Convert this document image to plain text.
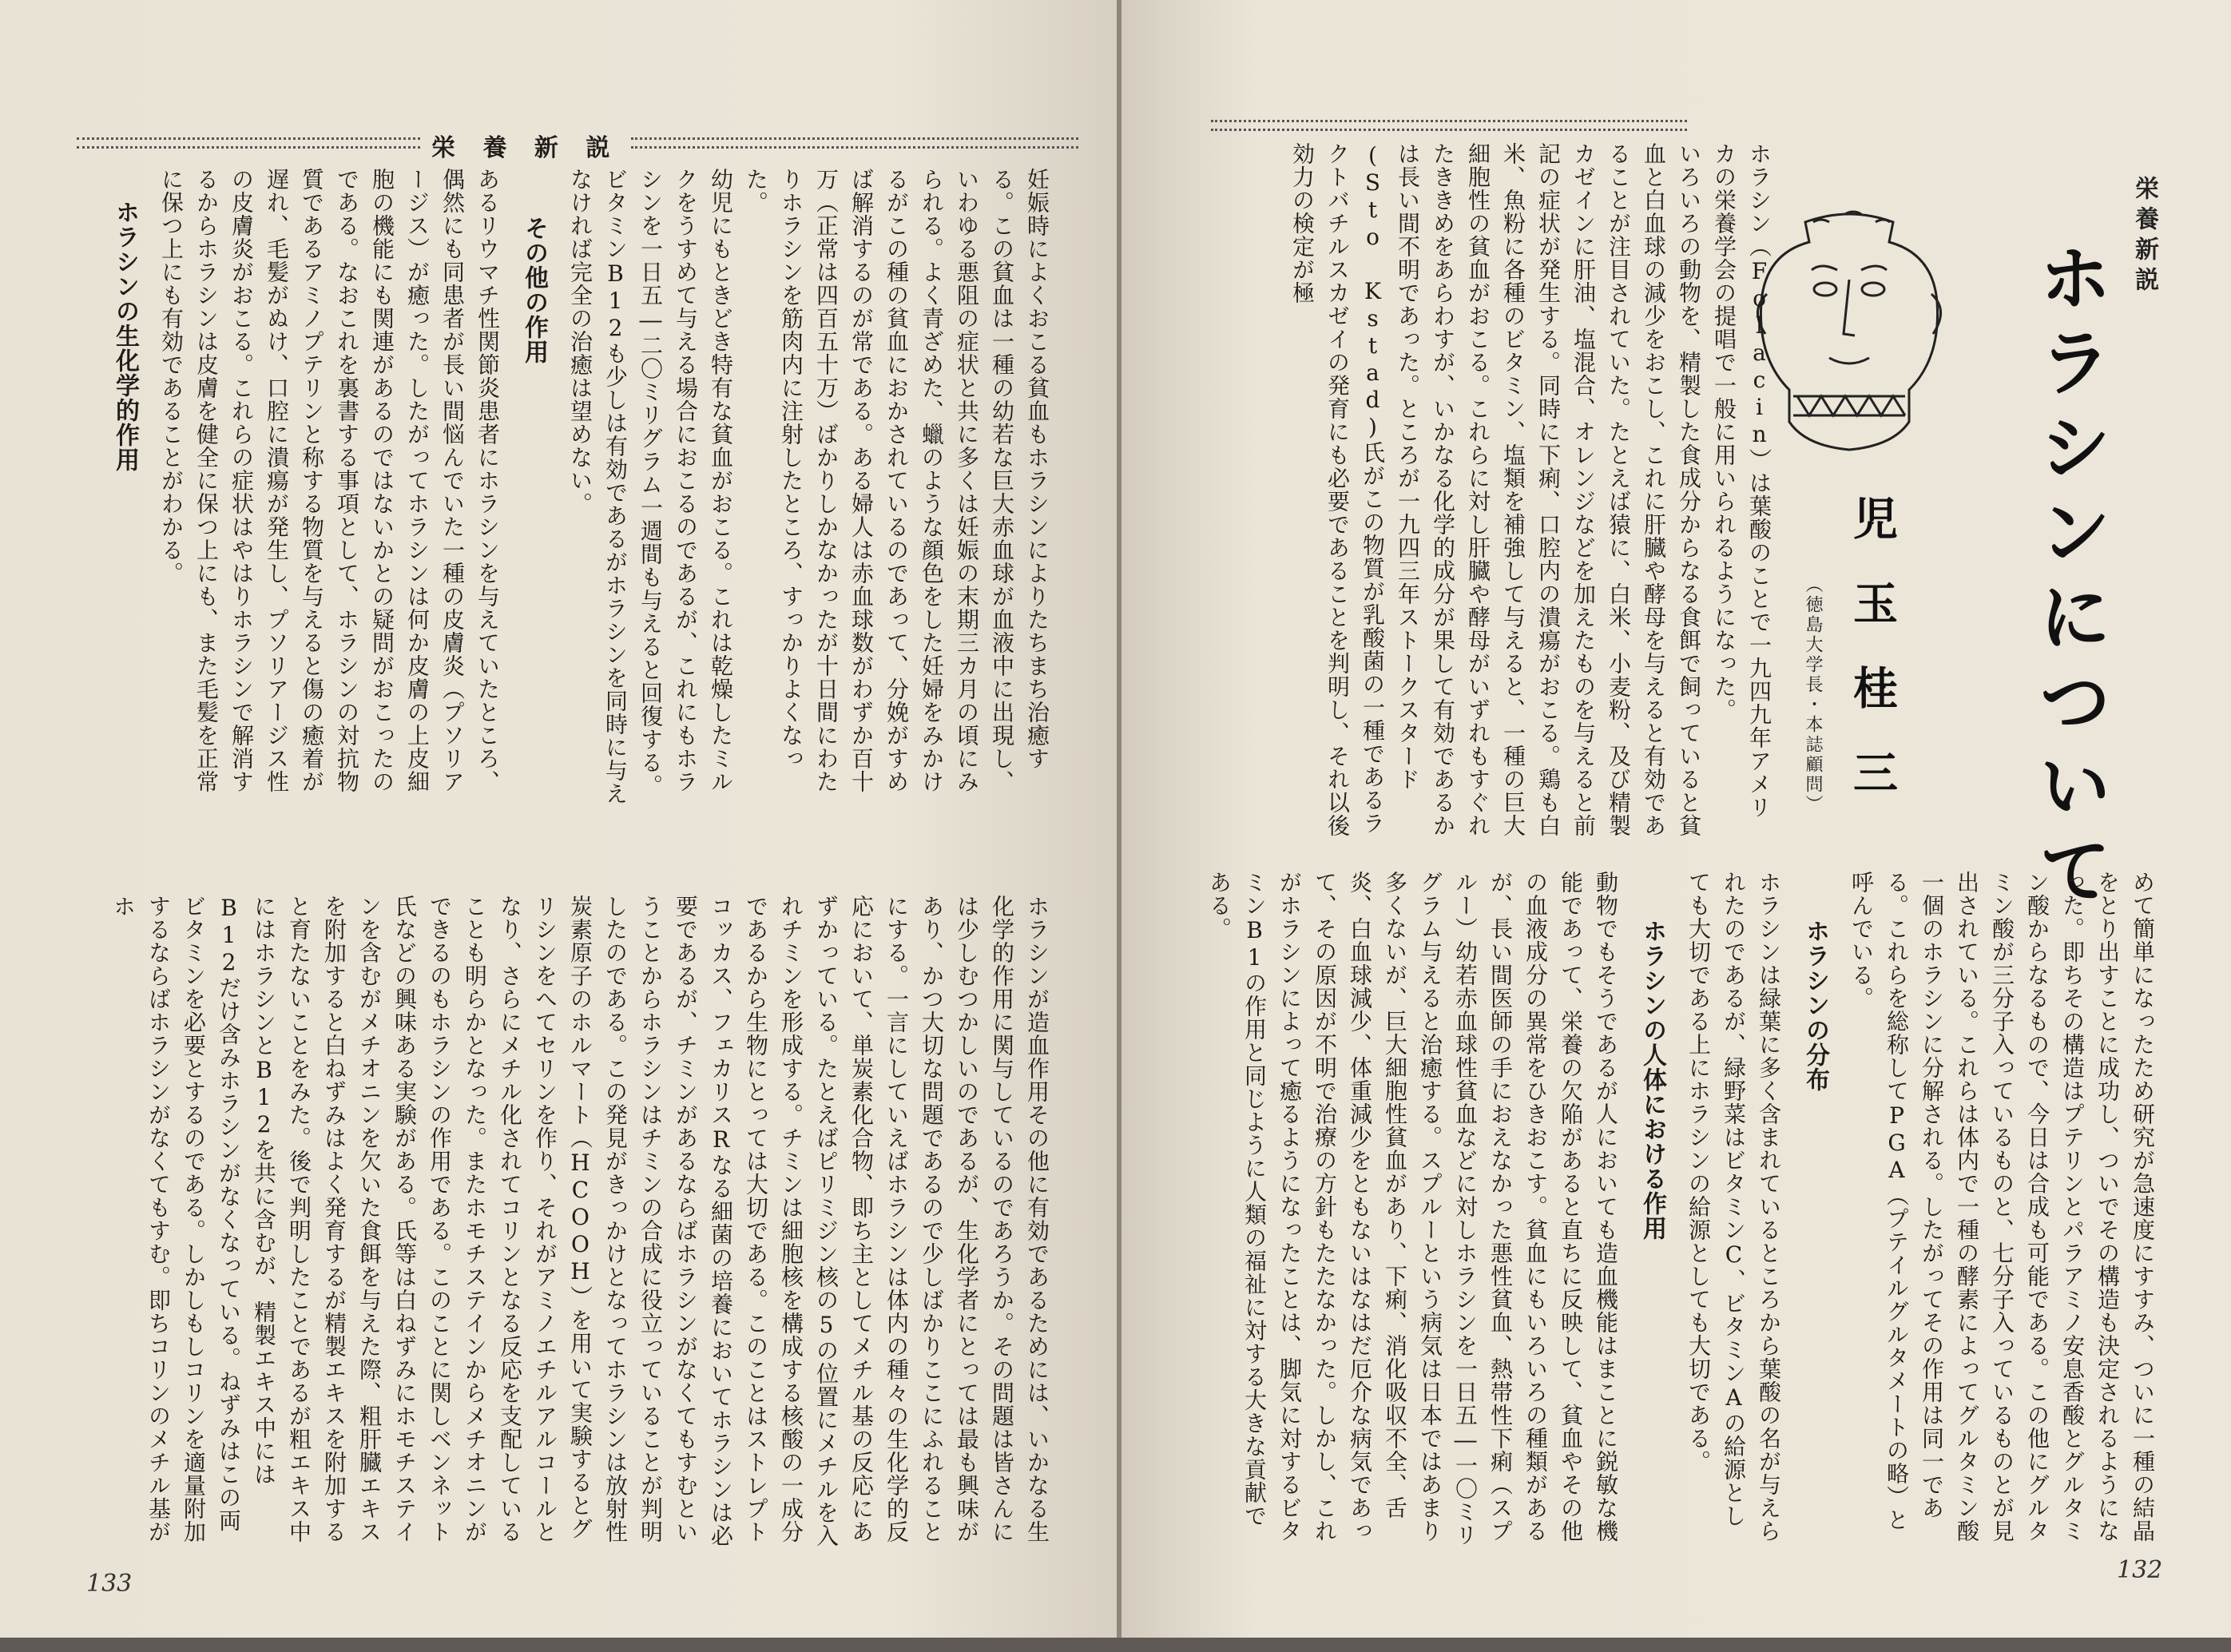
栄 養 新 説
妊娠時によくおこる貧血もホラシンによりたちまち治癒する。この貧血は一種の幼若な巨大赤血球が血液中に出現し、いわゆる悪阻の症状と共に多くは妊娠の末期三カ月の頃にみられる。よく青ざめた、蠟のような顔色をした妊婦をみかけるがこの種の貧血におかされているのであって、分娩がすめば解消するのが常である。ある婦人は赤血球数がわずか百十万（正常は四百五十万）ばかりしかなかったが十日間にわたりホラシンを筋肉内に注射したところ、すっかりよくなった。
幼児にもときどき特有な貧血がおこる。これは乾燥したミルクをうすめて与える場合におこるのであるが、これにもホラシンを一日五―二〇ミリグラム一週間も与えると回復する。ビタミンB12も少しは有効であるがホラシンを同時に与えなければ完全の治癒は望めない。
その他の作用
あるリウマチ性関節炎患者にホラシンを与えていたところ、偶然にも同患者が長い間悩んでいた一種の皮膚炎（プソリアージス）が癒った。したがってホラシンは何か皮膚の上皮細胞の機能にも関連があるのではないかとの疑問がおこったのである。なおこれを裏書する事項として、ホラシンの対抗物質であるアミノプテリンと称する物質を与えると傷の癒着が遅れ、毛髪がぬけ、口腔に潰瘍が発生し、プソリアージス性の皮膚炎がおこる。これらの症状はやはりホラシンで解消するからホラシンは皮膚を健全に保つ上にも、また毛髪を正常に保つ上にも有効であることがわかる。
ホラシンの生化学的作用
ホラシンが造血作用その他に有効であるためには、いかなる生化学的作用に関与しているのであろうか。その問題は皆さんには少しむつかしいのであるが、生化学者にとっては最も興味があり、かつ大切な問題であるので少しばかりここにふれることにする。一言にしていえばホラシンは体内の種々の生化学的反応において、単炭素化合物、即ち主としてメチル基の反応にあずかっている。たとえばピリミジン核の5の位置にメチルを入れチミンを形成する。チミンは細胞核を構成する核酸の一成分であるから生物にとっては大切である。このことはストレプトコッカス、フェカリスRなる細菌の培養においてホラシンは必要であるが、チミンがあるならばホラシンがなくてもすむということからホラシンはチミンの合成に役立っていることが判明したのである。この発見がきっかけとなってホラシンは放射性炭素原子のホルマート（HCOOH）を用いて実験するとグリシンをへてセリンを作り、それがアミノエチルアルコールとなり、さらにメチル化されてコリンとなる反応を支配していることも明らかとなった。またホモチステインからメチオニンができるのもホラシンの作用である。このことに関しベンネット氏などの興味ある実験がある。氏等は白ねずみにホモチステインを含むがメチオニンを欠いた食餌を与えた際、粗肝臓エキスを附加すると白ねずみはよく発育するが精製エキスを附加すると育たないことをみた。後で判明したことであるが粗エキス中にはホラシンとB12を共に含むが、精製エキス中にはB12だけ含みホラシンがなくなっている。ねずみはこの両ビタミンを必要とするのである。しかしもしコリンを適量附加するならばホラシンがなくてもすむ。即ちコリンのメチル基がホ
133
栄養新説
ホラシンについて
児玉桂三
（徳島大学長・本誌顧問）
ホラシン（Folacin）は葉酸のことで一九四九年アメリカの栄養学会の提唱で一般に用いられるようになった。
いろいろの動物を、精製した食成分からなる食餌で飼っていると貧血と白血球の減少をおこし、これに肝臓や酵母を与えると有効であることが注目されていた。たとえば猿に、白米、小麦粉、及び精製カゼインに肝油、塩混合、オレンジなどを加えたものを与えると前記の症状が発生する。同時に下痢、口腔内の潰瘍がおこる。鶏も白米、魚粉に各種のビタミン、塩類を補強して与えると、一種の巨大細胞性の貧血がおこる。これらに対し肝臓や酵母がいずれもすぐれたききめをあらわすが、いかなる化学的成分が果して有効であるかは長い間不明であった。ところが一九四三年ストークスタード(Sto Kstad)氏がこの物質が乳酸菌の一種であるラクトバチルスカゼイの発育にも必要であることを判明し、それ以後効力の検定が極
めて簡単になったため研究が急速度にすすみ、ついに一種の結晶をとり出すことに成功し、ついでその構造も決定されるようになった。即ちその構造はプテリンとパラアミノ安息香酸とグルタミン酸からなるもので、今日は合成も可能である。この他にグルタミン酸が三分子入っているものと、七分子入っているものとが見出されている。これらは体内で一種の酵素によってグルタミン酸一個のホラシンに分解される。したがってその作用は同一である。これらを総称してPGA（プテイルグルタメートの略）と呼んでいる。
ホラシンの分布
ホラシンは緑葉に多く含まれているところから葉酸の名が与えられたのであるが、緑野菜はビタミンC、ビタミンAの給源としても大切である上にホラシンの給源としても大切である。
ホラシンの人体における作用
動物でもそうであるが人においても造血機能はまことに鋭敏な機能であって、栄養の欠陥があると直ちに反映して、貧血やその他の血液成分の異常をひきおこす。貧血にもいろいろの種類があるが、長い間医師の手におえなかった悪性貧血、熱帯性下痢（スプルー）幼若赤血球性貧血などに対しホラシンを一日五―一〇ミリグラム与えると治癒する。スプルーという病気は日本ではあまり多くないが、巨大細胞性貧血があり、下痢、消化吸収不全、舌炎、白血球減少、体重減少をともないはなはだ厄介な病気であって、その原因が不明で治療の方針もたたなかった。しかし、これがホラシンによって癒るようになったことは、脚気に対するビタミンB1の作用と同じように人類の福祉に対する大きな貢献である。
132
